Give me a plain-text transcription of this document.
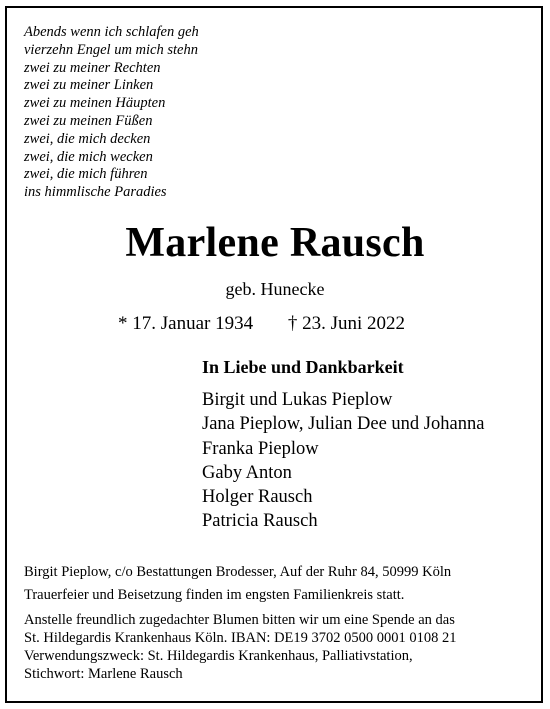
Abends wenn ich schlafen geh
vierzehn Engel um mich stehn
zwei zu meiner Rechten
zwei zu meiner Linken
zwei zu meinen Häupten
zwei zu meinen Füßen
zwei, die mich decken
zwei, die mich wecken
zwei, die mich führen
ins himmlische Paradies
Marlene Rausch
geb. Hunecke
* 17. Januar 1934 † 23. Juni 2022
In Liebe und Dankbarkeit
Birgit und Lukas Pieplow
Jana Pieplow, Julian Dee und Johanna
Franka Pieplow
Gaby Anton
Holger Rausch
Patricia Rausch

Birgit Pieplow, c/o Bestattungen Brodesser, Auf der Ruhr 84, 50999 Köln

Trauerfeier und Beisetzung finden im engsten Familienkreis statt.

Anstelle freundlich zugedachter Blumen bitten wir um eine Spende an das

St. Hildegardis Krankenhaus Köln. IBAN: DE19 3702 0500 0001 0108 21

Verwendungszweck: St. Hildegardis Krankenhaus, Palliativstation,

Stichwort: Marlene Rausch
